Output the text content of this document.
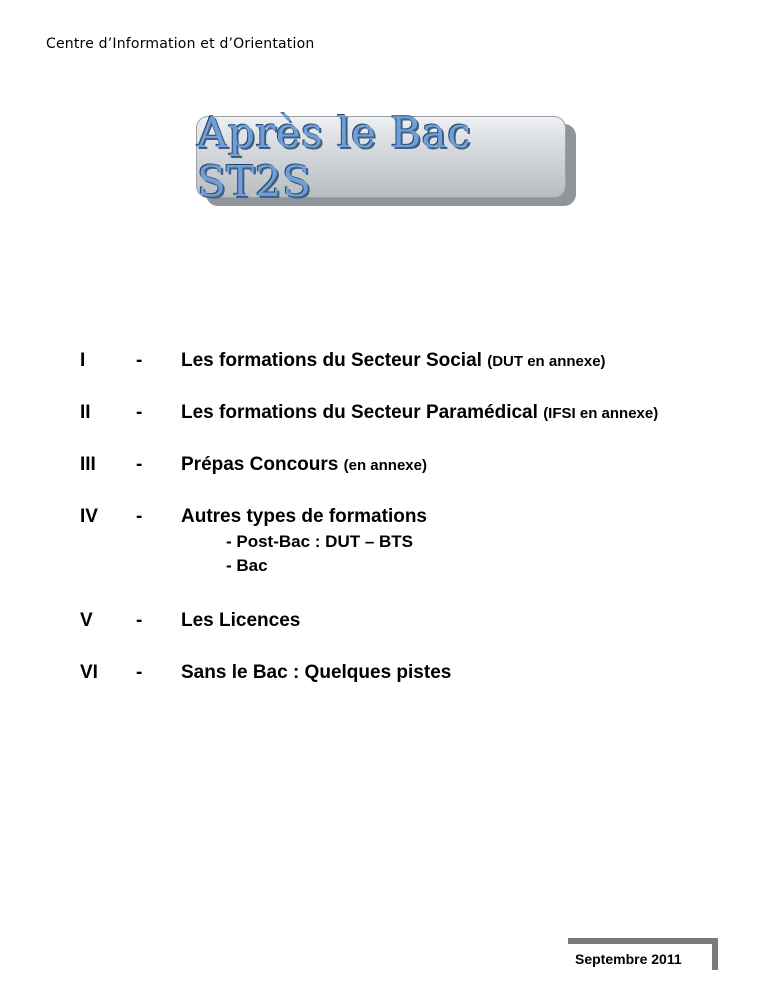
Centre d’Information et d’Orientation
Après le Bac ST2S
I	- Les formations du Secteur Social (DUT en annexe)
II - Les formations du Secteur Paramédical (IFSI en annexe)
III - Prépas Concours (en annexe)
IV - Autres types de formations
- Post-Bac : DUT – BTS
- Bac
V - Les Licences
VI - Sans le Bac : Quelques pistes
Septembre 2011
